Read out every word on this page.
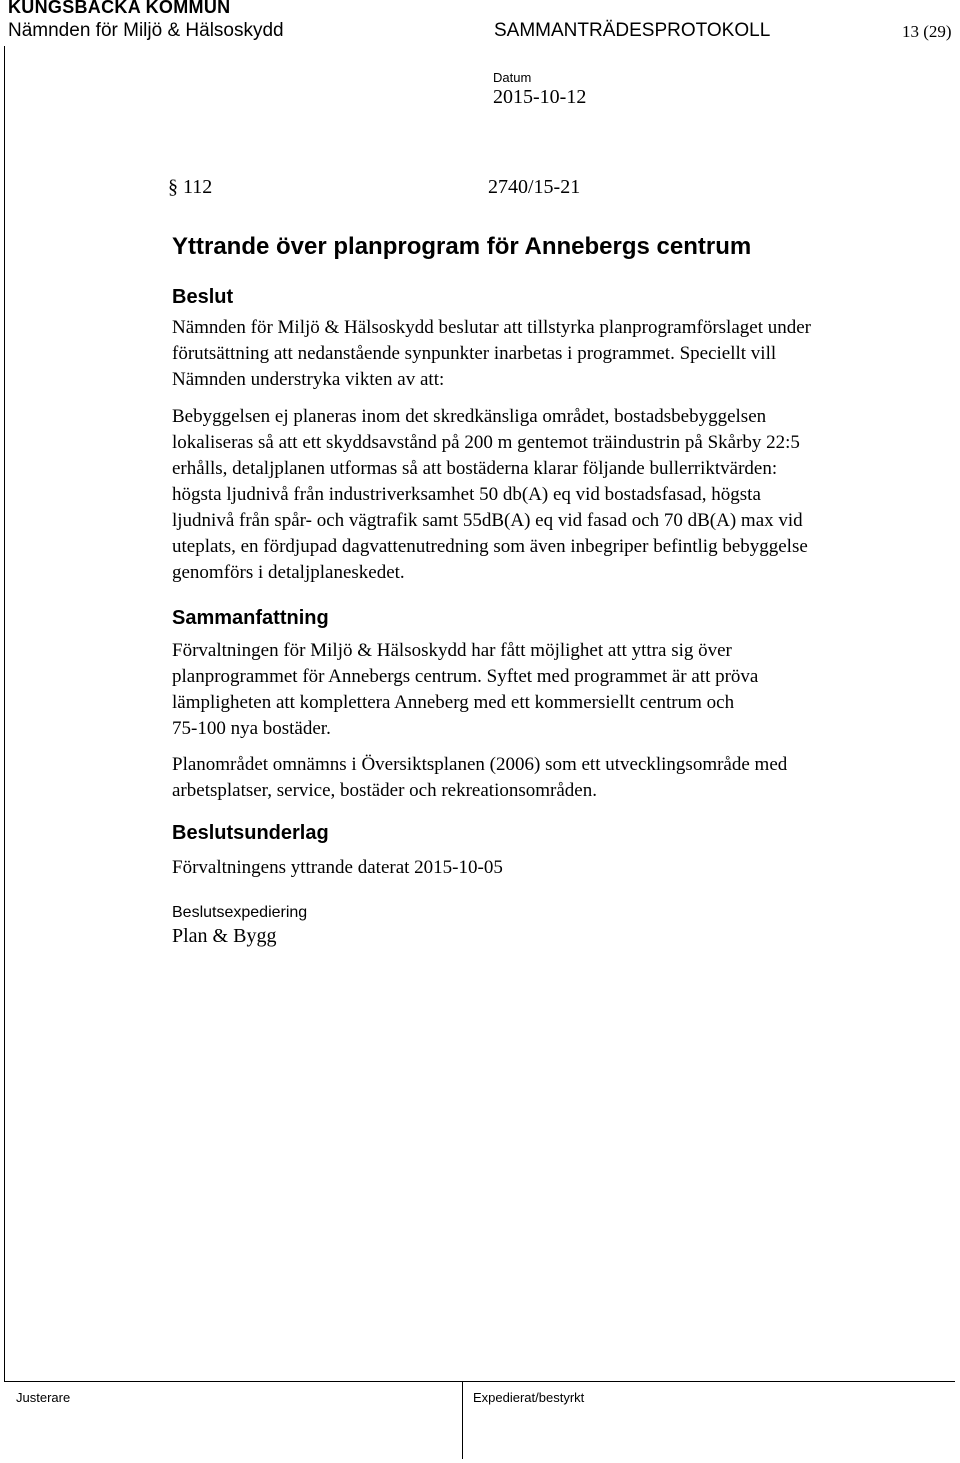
KUNGSBACKA KOMMUN
Nämnden för Miljö & Hälsoskydd	SAMMANTRÄDESPROTOKOLL	13 (29)
Datum
2015-10-12
§ 112	2740/15-21
Yttrande över planprogram för Annebergs centrum
Beslut
Nämnden för Miljö & Hälsoskydd beslutar att tillstyrka planprogramförslaget under
förutsättning att nedanstående synpunkter inarbetas i programmet. Speciellt vill
Nämnden understryka vikten av att:
Bebyggelsen ej planeras inom det skredkänsliga området, bostadsbebyggelsen
lokaliseras så att ett skyddsavstånd på 200 m gentemot träindustrin på Skårby 22:5
erhålls, detaljplanen utformas så att bostäderna klarar följande bullerriktvärden:
högsta ljudnivå från industriverksamhet 50 db(A) eq vid bostadsfasad, högsta
ljudnivå från spår- och vägtrafik samt 55dB(A) eq vid fasad och 70 dB(A) max vid
uteplats, en fördjupad dagvattenutredning som även inbegriper befintlig bebyggelse
genomförs i detaljplaneskedet.
Sammanfattning
Förvaltningen för Miljö & Hälsoskydd har fått möjlighet att yttra sig över
planprogrammet för Annebergs centrum. Syftet med programmet är att pröva
lämpligheten att komplettera Anneberg med ett kommersiellt centrum och
75-100 nya bostäder.
Planområdet omnämns i Översiktsplanen (2006) som ett utvecklingsområde med
arbetsplatser, service, bostäder och rekreationsområden.
Beslutsunderlag
Förvaltningens yttrande daterat 2015-10-05
Beslutsexpediering
Plan & Bygg
Justerare	Expedierat/bestyrkt
